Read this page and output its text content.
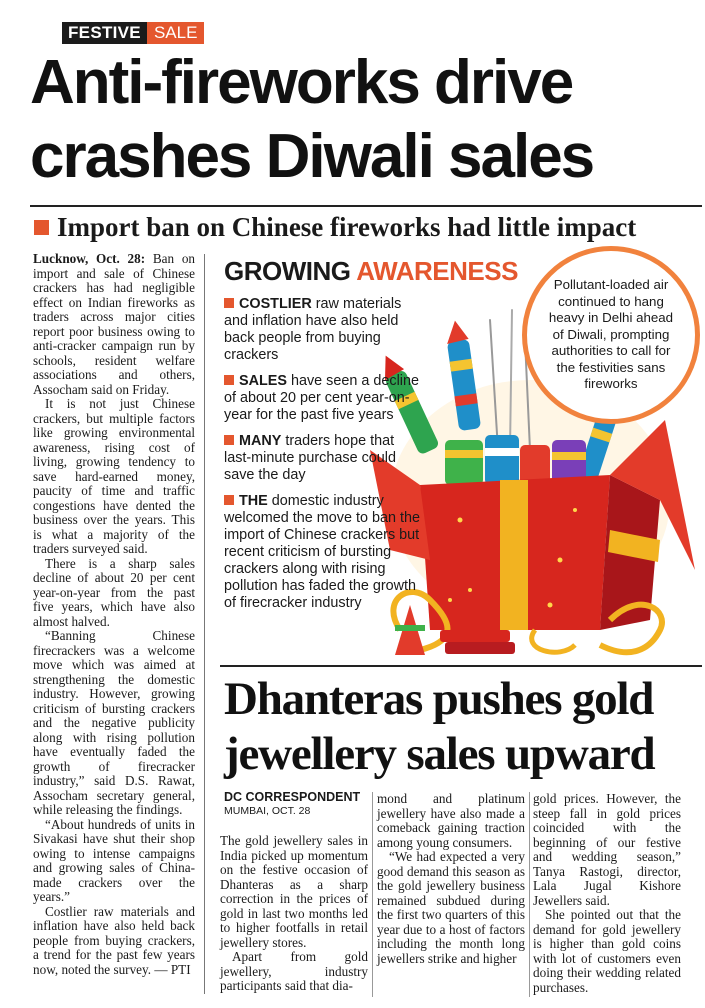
FESTIVE SALE
Anti-fireworks drive crashes Diwali sales
Import ban on Chinese fireworks had little impact

Lucknow, Oct. 28: Ban on import and sale of Chinese crackers has had negligible effect on Indian fireworks as traders across major cities report poor business owing to anti-cracker campaign run by schools, resident welfare associations and others, Assocham said on Friday.

It is not just Chinese crackers, but multiple factors like growing environmental awareness, rising cost of living, growing tendency to save hard-earned money, paucity of time and traffic congestions have dented the business over the years. This is what a majority of the traders surveyed said.

There is a sharp sales decline of about 20 per cent year-on-year from the past five years, which have also almost halved.

“Banning Chinese firecrackers was a welcome move which was aimed at strengthening the domestic industry. However, growing criticism of bursting crackers and the negative publicity along with rising pollution have eventually faded the growth of firecracker industry,” said D.S. Rawat, Assocham secretary general, while releasing the findings.

“About hundreds of units in Sivakasi have shut their shop owing to intense campaigns and growing sales of China-made crackers over the years.”

Costlier raw materials and inflation have also held back people from buying crackers, a trend for the past few years now, noted the survey. — PTI

GROWING AWARENESS
COSTLIER raw materials and inflation have also held back people from buying crackers
SALES have seen a decline of about 20 per cent year-on-year for the past five years
MANY traders hope that last-minute purchase could save the day
THE domestic industry welcomed the move to ban the import of Chinese crackers but recent criticism of bursting crackers along with rising pollution has faded the growth of firecracker industry
Pollutant-loaded air continued to hang heavy in Delhi ahead of Diwali, prompting authorities to call for the festivities sans fireworks
Dhanteras pushes gold jewellery sales upward
DC CORRESPONDENT
MUMBAI, OCT. 28

The gold jewellery sales in India picked up momentum on the festive occasion of Dhanteras as a sharp correction in the prices of gold in last two months led to higher footfalls in retail jewellery stores.

Apart from gold jewellery, industry participants said that dia-

mond and platinum jewellery have also made a comeback gaining traction among young consumers.

“We had expected a very good demand this season as the gold jewellery business remained subdued during the first two quarters of this year due to a host of factors including the month long jewellers strike and higher

gold prices. However, the steep fall in gold prices coincided with the beginning of our festive and wedding season,” Tanya Rastogi, director, Lala Jugal Kishore Jewellers said.

She pointed out that the demand for gold jewellery is higher than gold coins with lot of customers even doing their wedding related purchases.
